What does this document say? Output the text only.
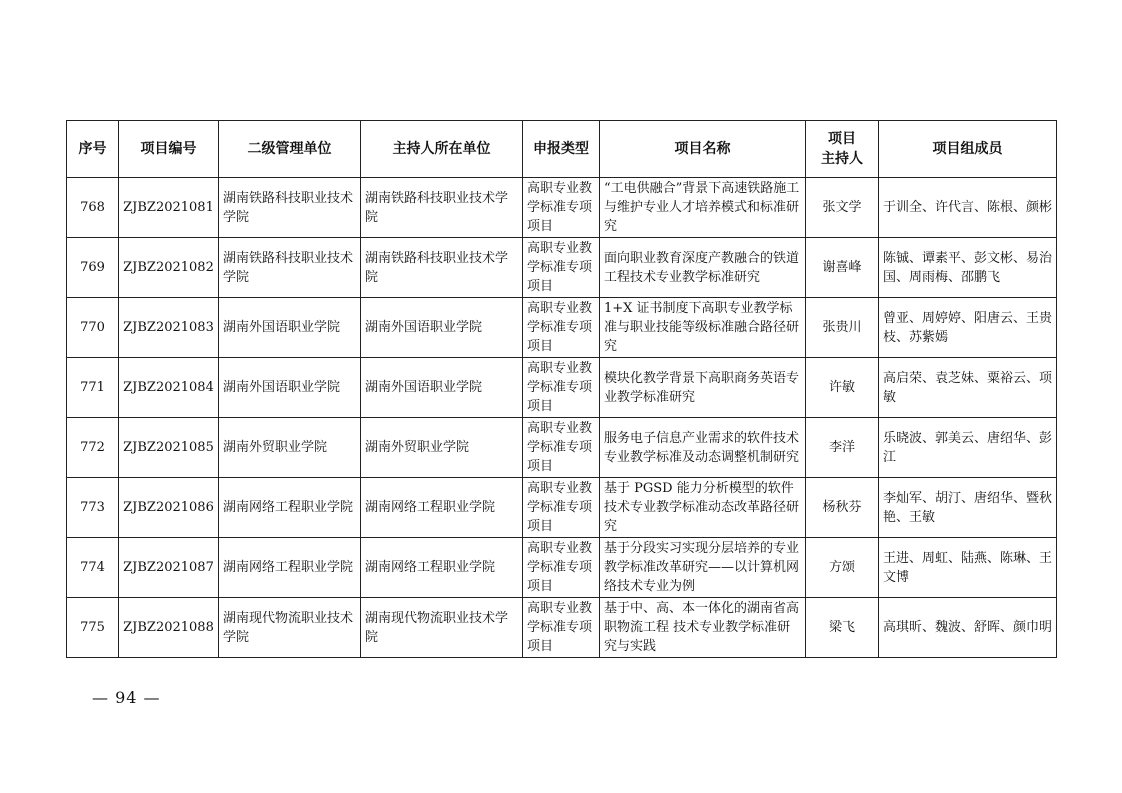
序号	项目编号	二级管理单位	主持人所在单位	申报类型	项目名称	项目
主持人	项目组成员
768	ZJBZ2021081	湖南铁路科技职业技术学院	湖南铁路科技职业技术学院	高职专业教学标准专项项目	“工电供融合”背景下高速铁路施工与维护专业人才培养模式和标准研究	张文学	于训全、许代言、陈根、颜彬
769	ZJBZ2021082	湖南铁路科技职业技术学院	湖南铁路科技职业技术学院	高职专业教学标准专项项目	面向职业教育深度产教融合的铁道工程技术专业教学标准研究	谢喜峰	陈铖、谭素平、彭文彬、易治国、周雨梅、邵鹏飞
770	ZJBZ2021083	湖南外国语职业学院	湖南外国语职业学院	高职专业教学标准专项项目	1+X 证书制度下高职专业教学标准与职业技能等级标准融合路径研究	张贵川	曾亚、周婷婷、阳唐云、王贵枝、苏紫嫣
771	ZJBZ2021084	湖南外国语职业学院	湖南外国语职业学院	高职专业教学标准专项项目	模块化教学背景下高职商务英语专业教学标准研究	许敏	高启荣、袁芝妹、粟裕云、项敏
772	ZJBZ2021085	湖南外贸职业学院	湖南外贸职业学院	高职专业教学标准专项项目	服务电子信息产业需求的软件技术专业教学标准及动态调整机制研究	李洋	乐晓波、郭美云、唐绍华、彭江
773	ZJBZ2021086	湖南网络工程职业学院	湖南网络工程职业学院	高职专业教学标准专项项目	基于 PGSD 能力分析模型的软件技术专业教学标准动态改革路径研究	杨秋芬	李灿军、胡汀、唐绍华、暨秋艳、王敏
774	ZJBZ2021087	湖南网络工程职业学院	湖南网络工程职业学院	高职专业教学标准专项项目	基于分段实习实现分层培养的专业教学标准改革研究——以计算机网络技术专业为例	方颂	王进、周虹、陆燕、陈琳、王文博
775	ZJBZ2021088	湖南现代物流职业技术学院	湖南现代物流职业技术学院	高职专业教学标准专项项目	基于中、高、本一体化的湖南省高职物流工程 技术专业教学标准研究与实践	梁飞	高琪昕、魏波、舒晖、颜巾明
— 94 —
